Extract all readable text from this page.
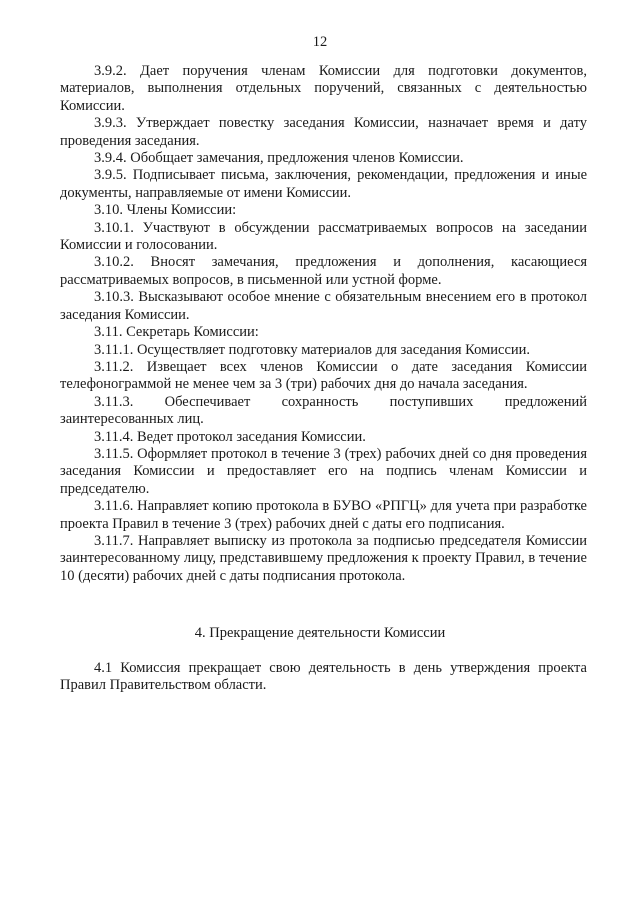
12

3.9.2. Дает поручения членам Комиссии для подготовки документов, материалов, выполнения отдельных поручений, связанных с деятельностью Комиссии.

3.9.3. Утверждает повестку заседания Комиссии, назначает время и дату проведения заседания.

3.9.4. Обобщает замечания, предложения членов Комиссии.

3.9.5. Подписывает письма, заключения, рекомендации, предложения и иные документы, направляемые от имени Комиссии.

3.10. Члены Комиссии:

3.10.1. Участвуют в обсуждении рассматриваемых вопросов на заседании Комиссии и голосовании.

3.10.2. Вносят замечания, предложения и дополнения, касающиеся рассматриваемых вопросов, в письменной или устной форме.

3.10.3. Высказывают особое мнение с обязательным внесением его в протокол заседания Комиссии.

3.11. Секретарь Комиссии:

3.11.1. Осуществляет подготовку материалов для заседания Комиссии.

3.11.2. Извещает всех членов Комиссии о дате заседания Комиссии телефонограммой не менее чем за 3 (три) рабочих дня до начала заседания.

3.11.3. Обеспечивает сохранность поступивших предложений заинтересованных лиц.

3.11.4. Ведет протокол заседания Комиссии.

3.11.5. Оформляет протокол в течение 3 (трех) рабочих дней со дня проведения заседания Комиссии и предоставляет его на подпись членам Комиссии и председателю.

3.11.6. Направляет копию протокола в БУВО «РПГЦ» для учета при разработке проекта Правил в течение 3 (трех) рабочих дней с даты его подписания.

3.11.7. Направляет выписку из протокола за подписью председателя Комиссии заинтересованному лицу, представившему предложения к проекту Правил, в течение 10 (десяти) рабочих дней с даты подписания протокола.

4. Прекращение деятельности Комиссии

4.1 Комиссия прекращает свою деятельность в день утверждения проекта Правил Правительством области.
